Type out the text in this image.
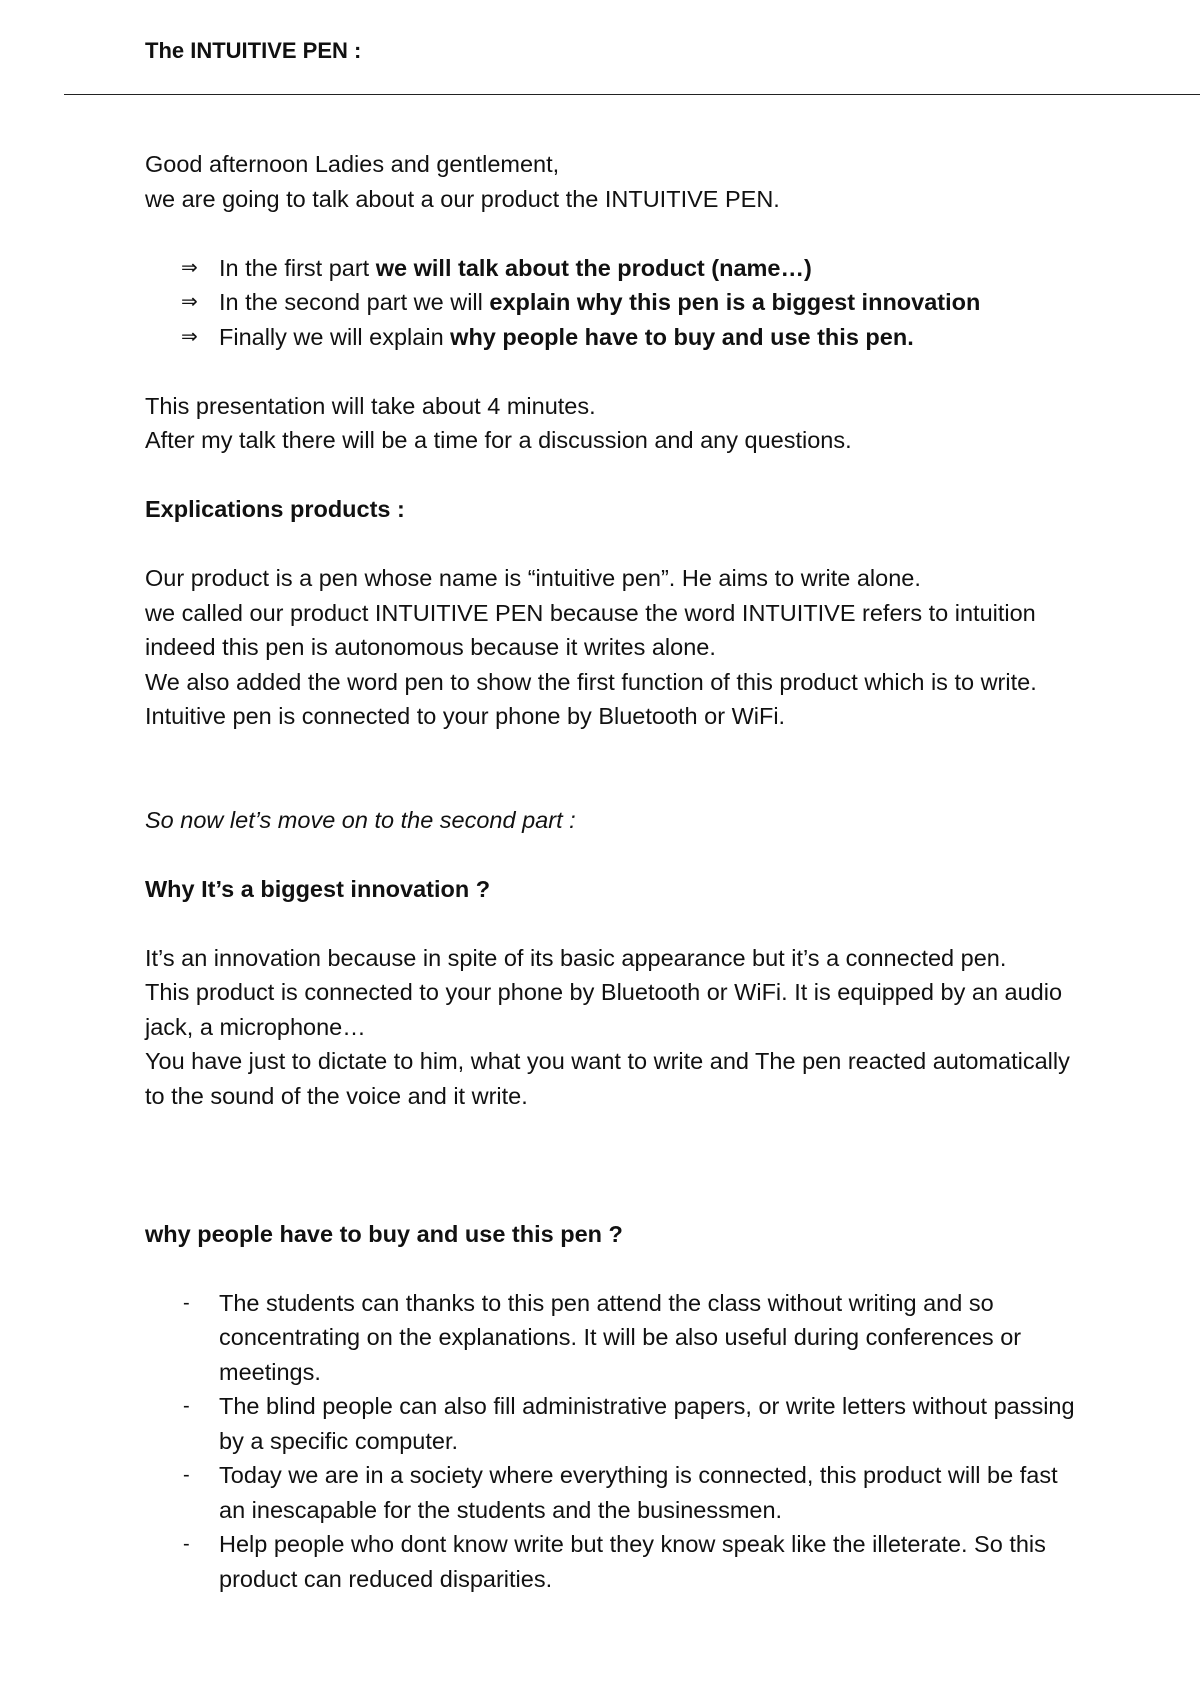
The INTUITIVE PEN :

Good afternoon Ladies and gentlement,

we are going to talk about a our product the INTUITIVE PEN.

⇒ In the first part we will talk about the product (name…)
⇒ In the second part we will explain why this pen is a biggest innovation
⇒ Finally we will explain why people have to buy and use this pen.

This presentation will take about 4 minutes.

After my talk there will be a time for a discussion and any questions.

Explications products :

Our product is a pen whose name is “intuitive pen”. He aims to write alone.

we called our product INTUITIVE PEN because the word INTUITIVE refers to intuition indeed this pen is autonomous because it writes alone.

We also added the word pen to show the first function of this product which is to write.

Intuitive pen is connected to your phone by Bluetooth or WiFi.

So now let’s move on to the second part :

Why It’s a biggest innovation ?

It’s an innovation because in spite of its basic appearance but it’s a connected pen.

This product is connected to your phone by Bluetooth or WiFi. It is equipped by an audio jack, a microphone…

You have just to dictate to him, what you want to write and The pen reacted automatically to the sound of the voice and it write.

why people have to buy and use this pen ?

-	The students can thanks to this pen attend the class without writing and so concentrating on the explanations. It will be also useful during conferences or meetings.
-	The blind people can also fill administrative papers, or write letters without passing by a specific computer.
-	Today we are in a society where everything is connected, this product will be fast an inescapable for the students and the businessmen.
-	Help people who dont know write but they know speak like the illeterate. So this product can reduced disparities.
